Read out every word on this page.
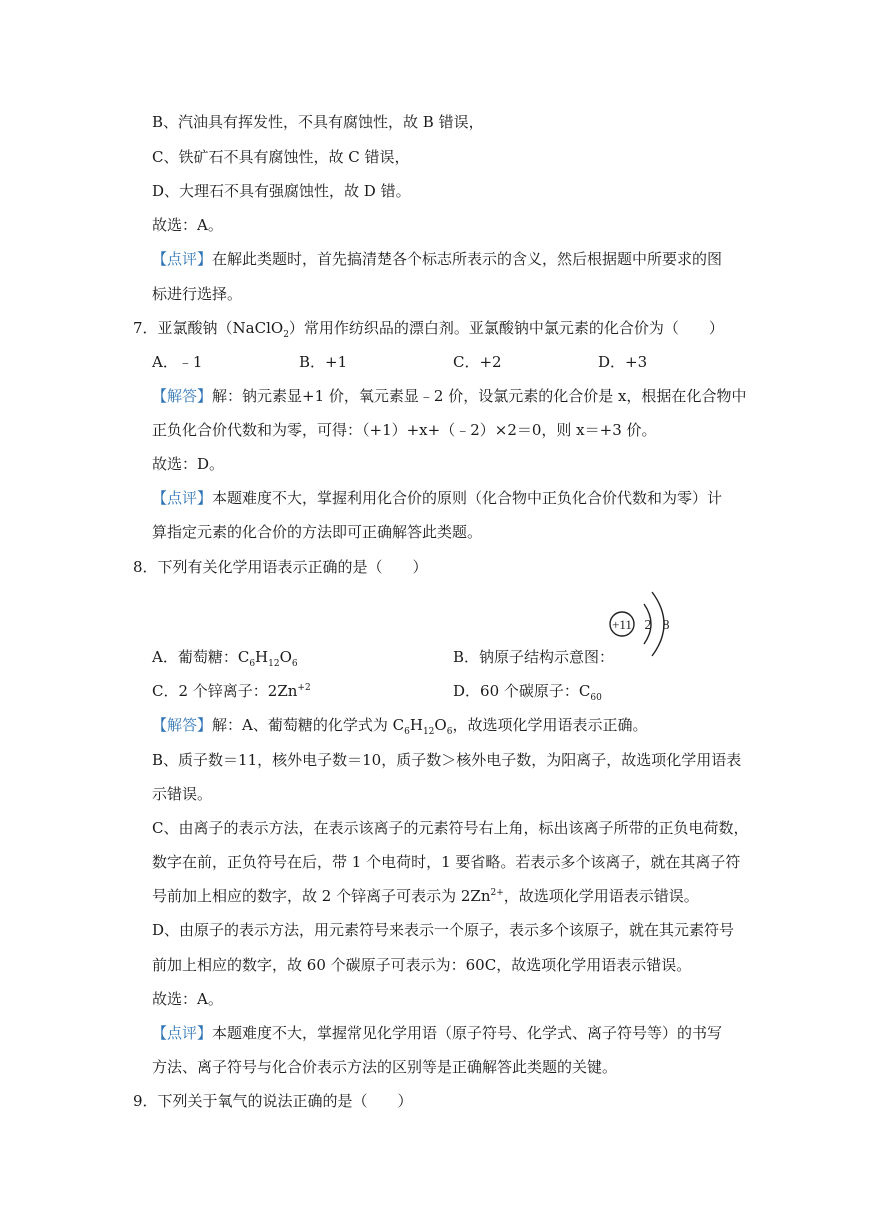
B、汽油具有挥发性，不具有腐蚀性，故 B 错误，
C、铁矿石不具有腐蚀性，故 C 错误，
D、大理石不具有强腐蚀性，故 D 错。
故选：A。
【点评】在解此类题时，首先搞清楚各个标志所表示的含义，然后根据题中所要求的图
标进行选择。
7．亚氯酸钠（NaClO$_2$）常用作纺织品的漂白剂。亚氯酸钠中氯元素的化合价为（　　）
A．﹣1	B．+1	C．+2	D．+3
【解答】解：钠元素显+1 价，氧元素显﹣2 价，设氯元素的化合价是 x，根据在化合物中
正负化合价代数和为零，可得：（+1）+x+（﹣2）×2＝0，则 x＝+3 价。
故选：D。
【点评】本题难度不大，掌握利用化合价的原则（化合物中正负化合价代数和为零）计
算指定元素的化合价的方法即可正确解答此类题。
8．下列有关化学用语表示正确的是（　　）
A．葡萄糖：$C_6H_{12}O_6$	B．钠原子结构示意图：
+11 2 8
C．2 个锌离子：$2Zn^{+2}$	D．60 个碳原子：$C_{60}$
【解答】解：A、葡萄糖的化学式为 $C_6H_{12}O_6$，故选项化学用语表示正确。
B、质子数＝11，核外电子数＝10，质子数＞核外电子数，为阳离子，故选项化学用语表
示错误。
C、由离子的表示方法，在表示该离子的元素符号右上角，标出该离子所带的正负电荷数，
数字在前，正负符号在后，带 1 个电荷时，1 要省略。若表示多个该离子，就在其离子符
号前加上相应的数字，故 2 个锌离子可表示为 $2Zn^{2+}$，故选项化学用语表示错误。
D、由原子的表示方法，用元素符号来表示一个原子，表示多个该原子，就在其元素符号
前加上相应的数字，故 60 个碳原子可表示为：60C，故选项化学用语表示错误。
故选：A。
【点评】本题难度不大，掌握常见化学用语（原子符号、化学式、离子符号等）的书写
方法、离子符号与化合价表示方法的区别等是正确解答此类题的关键。
9．下列关于氧气的说法正确的是（　　）
